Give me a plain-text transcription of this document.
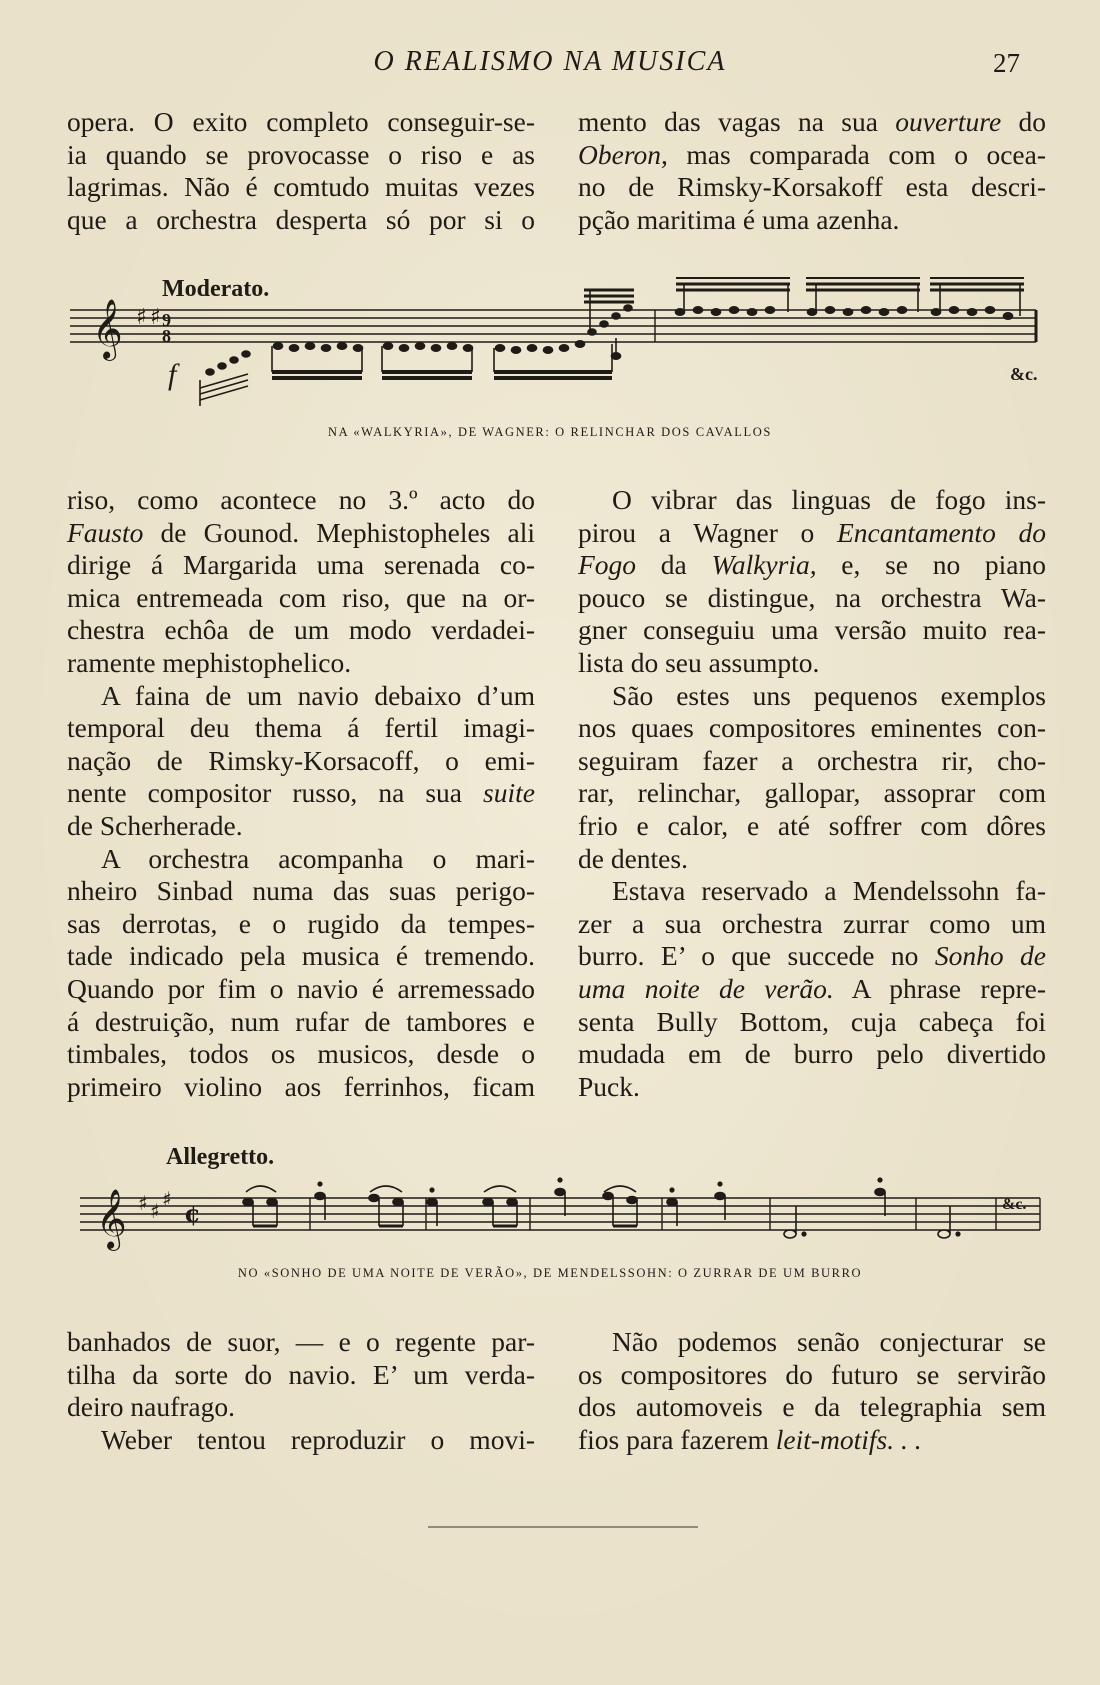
O REALISMO NA MUSICA	27
opera. O exito completo conseguir-se-
ia quando se provocasse o riso e as
lagrimas. Não é comtudo muitas vezes
que a orchestra desperta só por si o
mento das vagas na sua ouverture do
Oberon, mas comparada com o ocea-
no de Rimsky-Korsakoff esta descri-
pção maritima é uma azenha.
Moderato.
𝄞 ♯ ♯ 9
8
f	&c.
NA «WALKYRIA», DE WAGNER: O RELINCHAR DOS CAVALLOS
riso, como acontece no 3.º acto do
Fausto de Gounod. Mephistopheles ali
dirige á Margarida uma serenada co-
mica entremeada com riso, que na or-
chestra echôa de um modo verdadei-
ramente mephistophelico.
A faina de um navio debaixo d’um
temporal deu thema á fertil imagi-
nação de Rimsky-Korsacoff, o emi-
nente compositor russo, na sua suite
de Scherherade.
A orchestra acompanha o mari-
nheiro Sinbad numa das suas perigo-
sas derrotas, e o rugido da tempes-
tade indicado pela musica é tremendo.
Quando por fim o navio é arremessado
á destruição, num rufar de tambores e
timbales, todos os musicos, desde o
primeiro violino aos ferrinhos, ficam
O vibrar das linguas de fogo ins-
pirou a Wagner o Encantamento do
Fogo da Walkyria, e, se no piano
pouco se distingue, na orchestra Wa-
gner conseguiu uma versão muito rea-
lista do seu assumpto.
São estes uns pequenos exemplos
nos quaes compositores eminentes con-
seguiram fazer a orchestra rir, cho-
rar, relinchar, gallopar, assoprar com
frio e calor, e até soffrer com dôres
de dentes.
Estava reservado a Mendelssohn fa-
zer a sua orchestra zurrar como um
burro. E’ o que succede no Sonho de
uma noite de verão. A phrase repre-
senta Bully Bottom, cuja cabeça foi
mudada em de burro pelo divertido
Puck.
Allegretto.
𝄞 ♯ ♯ ♯ ¢	&c.
NO «SONHO DE UMA NOITE DE VERÃO», DE MENDELSSOHN: O ZURRAR DE UM BURRO
banhados de suor, — e o regente par-
tilha da sorte do navio. E’ um verda-
deiro naufrago.
Weber tentou reproduzir o movi-
Não podemos senão conjecturar se
os compositores do futuro se servirão
dos automoveis e da telegraphia sem
fios para fazerem leit-motifs. . .
